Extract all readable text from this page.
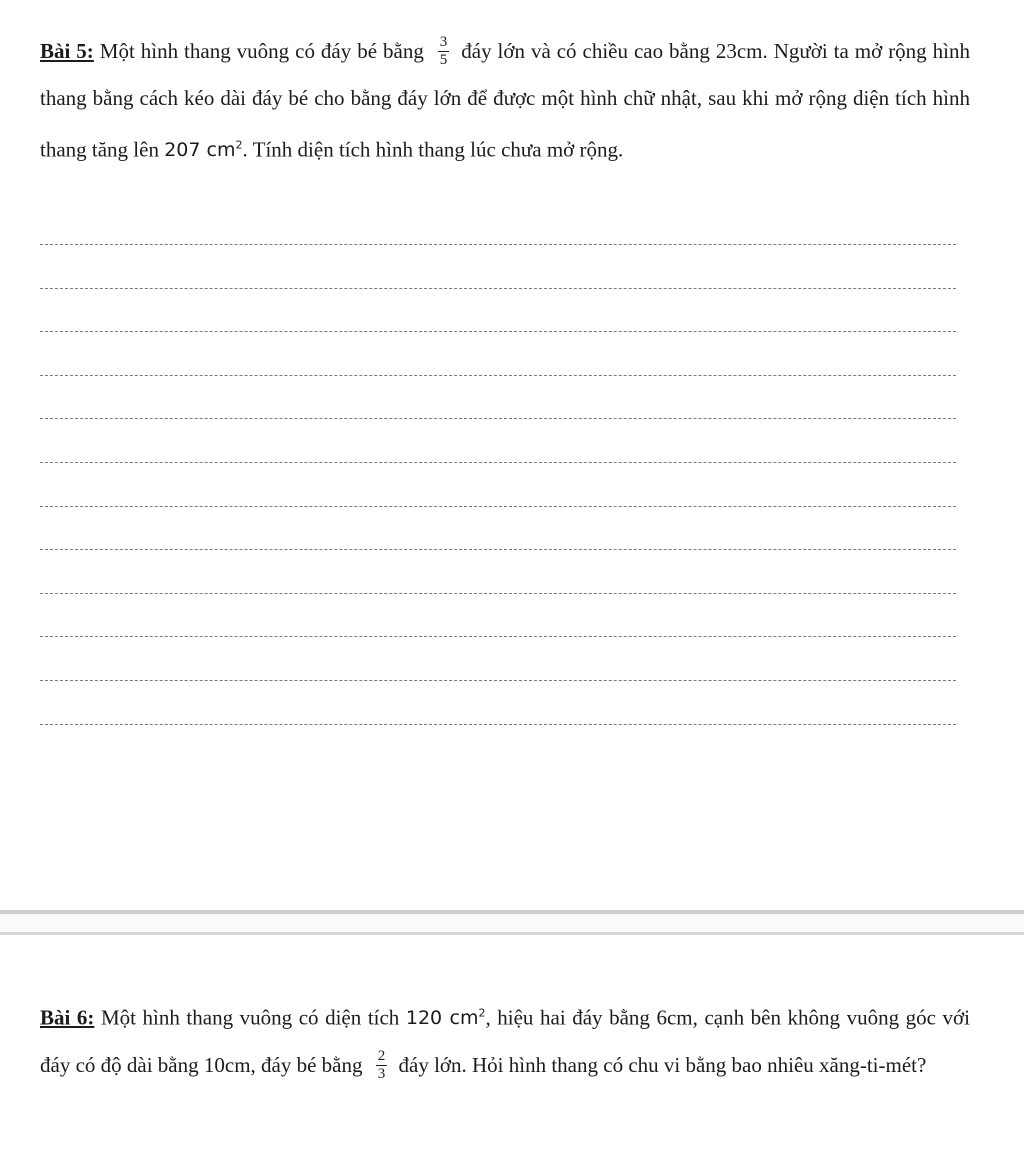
Bài 5: Một hình thang vuông có đáy bé bằng $\frac{3}{5}$ đáy lớn và có chiều cao bằng 23cm. Người ta mở rộng hình thang bằng cách kéo dài đáy bé cho bằng đáy lớn để được một hình chữ nhật, sau khi mở rộng diện tích hình thang tăng lên 207 $cm^2$. Tính diện tích hình thang lúc chưa mở rộng.
Bài 6: Một hình thang vuông có diện tích 120 $cm^2$, hiệu hai đáy bằng 6cm, cạnh bên không vuông góc với đáy có độ dài bằng 10cm, đáy bé bằng $\frac{2}{3}$ đáy lớn. Hỏi hình thang có chu vi bằng bao nhiêu xăng-ti-mét?
